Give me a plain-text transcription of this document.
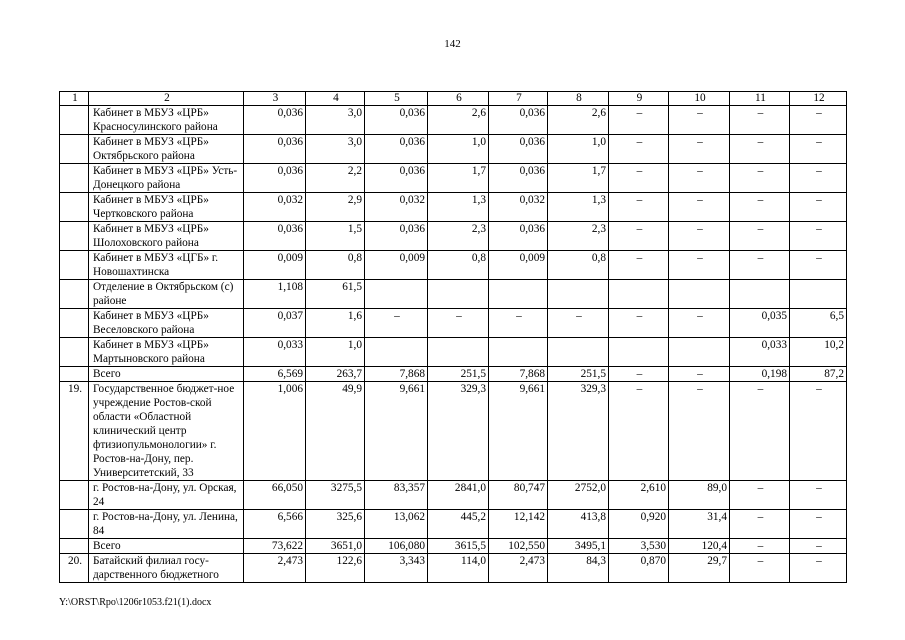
142
1	2	3	4	5	6	7	8	9	10	11	12
	Кабинет в МБУЗ «ЦРБ» Красносулинского района	0,036	3,0	0,036	2,6	0,036	2,6	–	–	–	–
	Кабинет в МБУЗ «ЦРБ» Октябрьского района	0,036	3,0	0,036	1,0	0,036	1,0	–	–	–	–
	Кабинет в МБУЗ «ЦРБ» Усть-Донецкого района	0,036	2,2	0,036	1,7	0,036	1,7	–	–	–	–
	Кабинет в МБУЗ «ЦРБ» Чертковского района	0,032	2,9	0,032	1,3	0,032	1,3	–	–	–	–
	Кабинет в МБУЗ «ЦРБ» Шолоховского района	0,036	1,5	0,036	2,3	0,036	2,3	–	–	–	–
	Кабинет в МБУЗ «ЦГБ» г. Новошахтинска	0,009	0,8	0,009	0,8	0,009	0,8	–	–	–	–
	Отделение в Октябрьском (с) районе	1,108	61,5								
	Кабинет в МБУЗ «ЦРБ» Веселовского района	0,037	1,6	–	–	–	–	–	–	0,035	6,5
	Кабинет в МБУЗ «ЦРБ» Мартыновского района	0,033	1,0							0,033	10,2
	Всего	6,569	263,7	7,868	251,5	7,868	251,5	–	–	0,198	87,2
19.	Государственное бюджет-ное учреждение Ростов-ской области «Областной клинический центр фтизиопульмонологии» г. Ростов-на-Дону, пер. Университетский, 33	1,006	49,9	9,661	329,3	9,661	329,3	–	–	–	–
	г. Ростов-на-Дону, ул. Орская, 24	66,050	3275,5	83,357	2841,0	80,747	2752,0	2,610	89,0	–	–
	г. Ростов-на-Дону, ул. Ленина, 84	6,566	325,6	13,062	445,2	12,142	413,8	0,920	31,4	–	–
	Всего	73,622	3651,0	106,080	3615,5	102,550	3495,1	3,530	120,4	–	–
20.	Батайский филиал госу-дарственного бюджетного	2,473	122,6	3,343	114,0	2,473	84,3	0,870	29,7	–	–
Y:\ORST\Rpo\1206r1053.f21(1).docx
